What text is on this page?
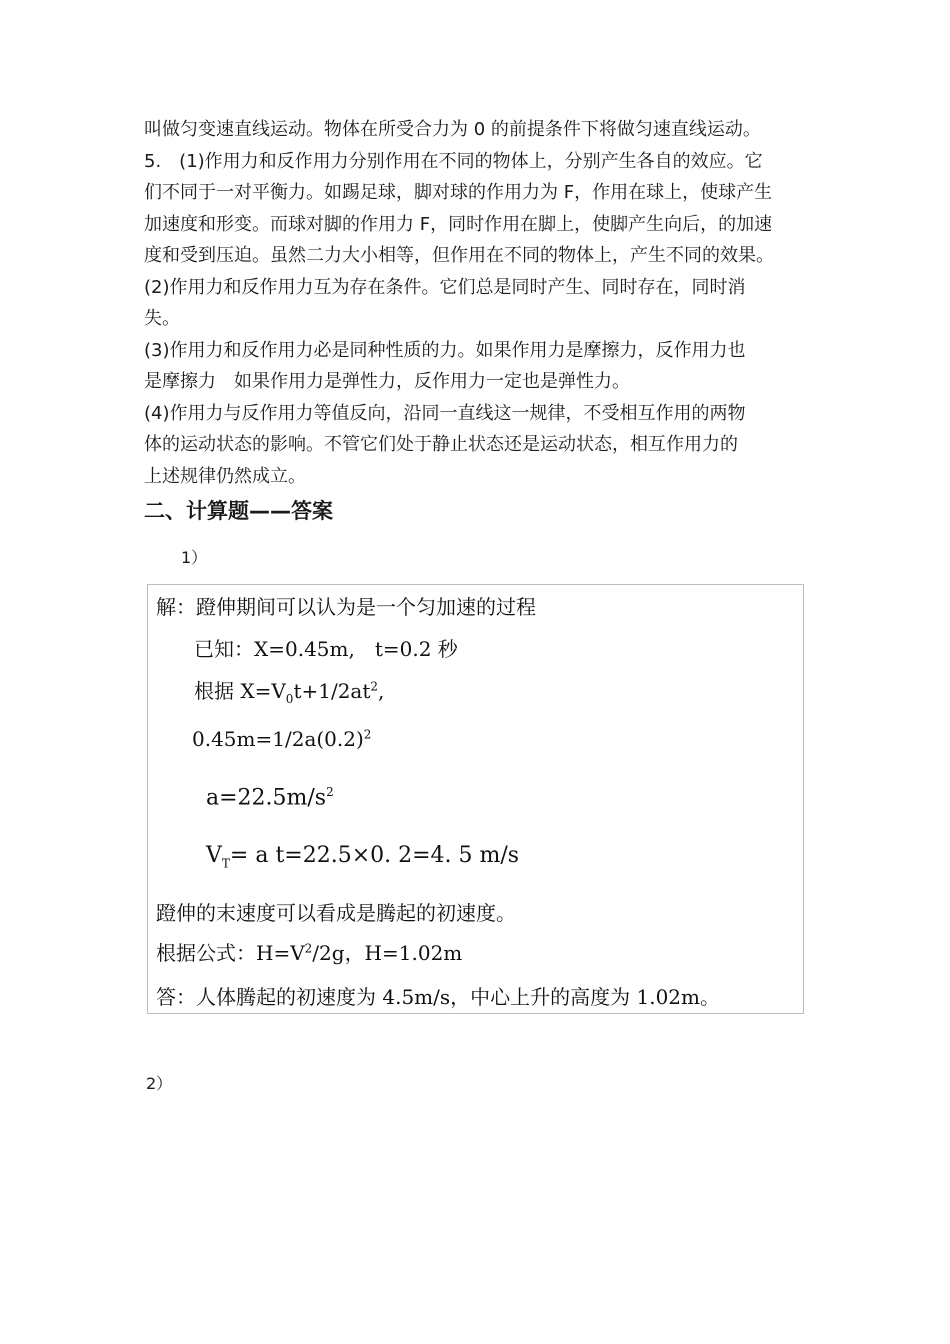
叫做匀变速直线运动。物体在所受合力为 0 的前提条件下将做匀速直线运动。
5.　(1)作用力和反作用力分别作用在不同的物体上，分别产生各自的效应。它
们不同于一对平衡力。如踢足球，脚对球的作用力为 F，作用在球上，使球产生
加速度和形变。而球对脚的作用力 F，同时作用在脚上，使脚产生向后，的加速
度和受到压迫。虽然二力大小相等，但作用在不同的物体上，产生不同的效果。
(2)作用力和反作用力互为存在条件。它们总是同时产生、同时存在，同时消
失。
(3)作用力和反作用力必是同种性质的力。如果作用力是摩擦力，反作用力也
是摩擦力　如果作用力是弹性力，反作用力一定也是弹性力。
(4)作用力与反作用力等值反向，沿同一直线这一规律，不受相互作用的两物
体的运动状态的影响。不管它们处于静止状态还是运动状态，相互作用力的
上述规律仍然成立。
二、计算题——答案
1）
解：蹬伸期间可以认为是一个匀加速的过程
已知：X=0.45m,　t=0.2 秒
根据 $X=V_0t+1/2at^2$,
$0.45m=1/2a(0.2)^2$
$a=22.5m/s^2$
$V_T= a$ t=22.5×0. 2=4. 5 m/s
蹬伸的末速度可以看成是腾起的初速度。
根据公式：$H=V^2/2g$，H=1.02m
答：人体腾起的初速度为 4.5m/s，中心上升的高度为 1.02m。
2）
